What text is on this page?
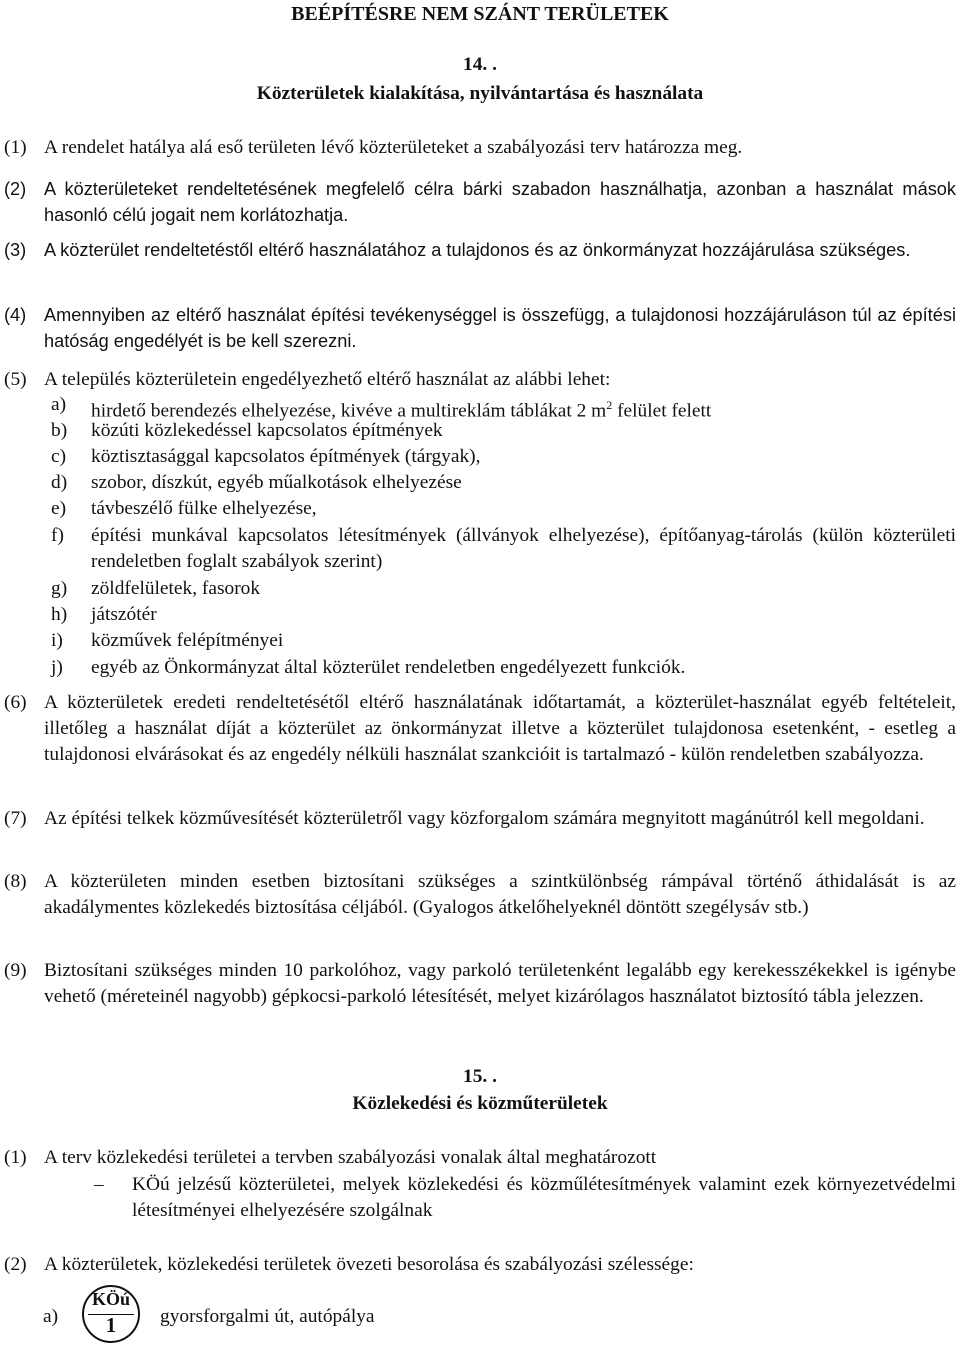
BEÉPÍTÉSRE NEM SZÁNT TERÜLETEK
14. .
Közterületek kialakítása, nyilvántartása és használata
(1) A rendelet hatálya alá eső területen lévő közterületeket a szabályozási terv határozza meg.
(2) A közterületeket rendeltetésének megfelelő célra bárki szabadon használhatja, azonban a használat mások hasonló célú jogait nem korlátozhatja.
(3) A közterület rendeltetéstől eltérő használatához a tulajdonos és az önkormányzat hozzájárulása szükséges.
(4) Amennyiben az eltérő használat építési tevékenységgel is összefügg, a tulajdonosi hozzájáruláson túl az építési hatóság engedélyét is be kell szerezni.
(5) A település közterületein engedélyezhető eltérő használat az alábbi lehet:
a) hirdető berendezés elhelyezése, kivéve a multireklám táblákat 2 $m^2$ felület felett
b) közúti közlekedéssel kapcsolatos építmények
c) köztisztasággal kapcsolatos építmények (tárgyak),
d) szobor, díszkút, egyéb műalkotások elhelyezése
e) távbeszélő fülke elhelyezése,
f) építési munkával kapcsolatos létesítmények (állványok elhelyezése), építőanyag-tárolás (külön közterületi rendeletben foglalt szabályok szerint)
g) zöldfelületek, fasorok
h) játszótér
i) közművek felépítményei
j) egyéb az Önkormányzat által közterület rendeletben engedélyezett funkciók.
(6) A közterületek eredeti rendeltetésétől eltérő használatának időtartamát, a közterület-használat egyéb feltételeit, illetőleg a használat díját a közterület az önkormányzat illetve a közterület tulajdonosa esetenként, - esetleg a tulajdonosi elvárásokat és az engedély nélküli használat szankcióit is tartalmazó - külön rendeletben szabályozza.
(7) Az építési telkek közművesítését közterületről vagy közforgalom számára megnyitott magánútról kell megoldani.
(8) A közterületen minden esetben biztosítani szükséges a szintkülönbség rámpával történő áthidalását is az akadálymentes közlekedés biztosítása céljából. (Gyalogos átkelőhelyeknél döntött szegélysáv stb.)
(9) Biztosítani szükséges minden 10 parkolóhoz, vagy parkoló területenként legalább egy kerekesszékekkel is igénybe vehető (méreteinél nagyobb) gépkocsi-parkoló létesítését, melyet kizárólagos használatot biztosító tábla jelezzen.
15. .
Közlekedési és közműterületek
(1) A terv közlekedési területei a tervben szabályozási vonalak által meghatározott
– KÖú jelzésű közterületei, melyek közlekedési és közműlétesítmények valamint ezek környezetvédelmi létesítményei elhelyezésére szolgálnak
(2) A közterületek, közlekedési területek övezeti besorolása és szabályozási szélessége:
a)	gyorsforgalmi út, autópálya
KÖú
1
